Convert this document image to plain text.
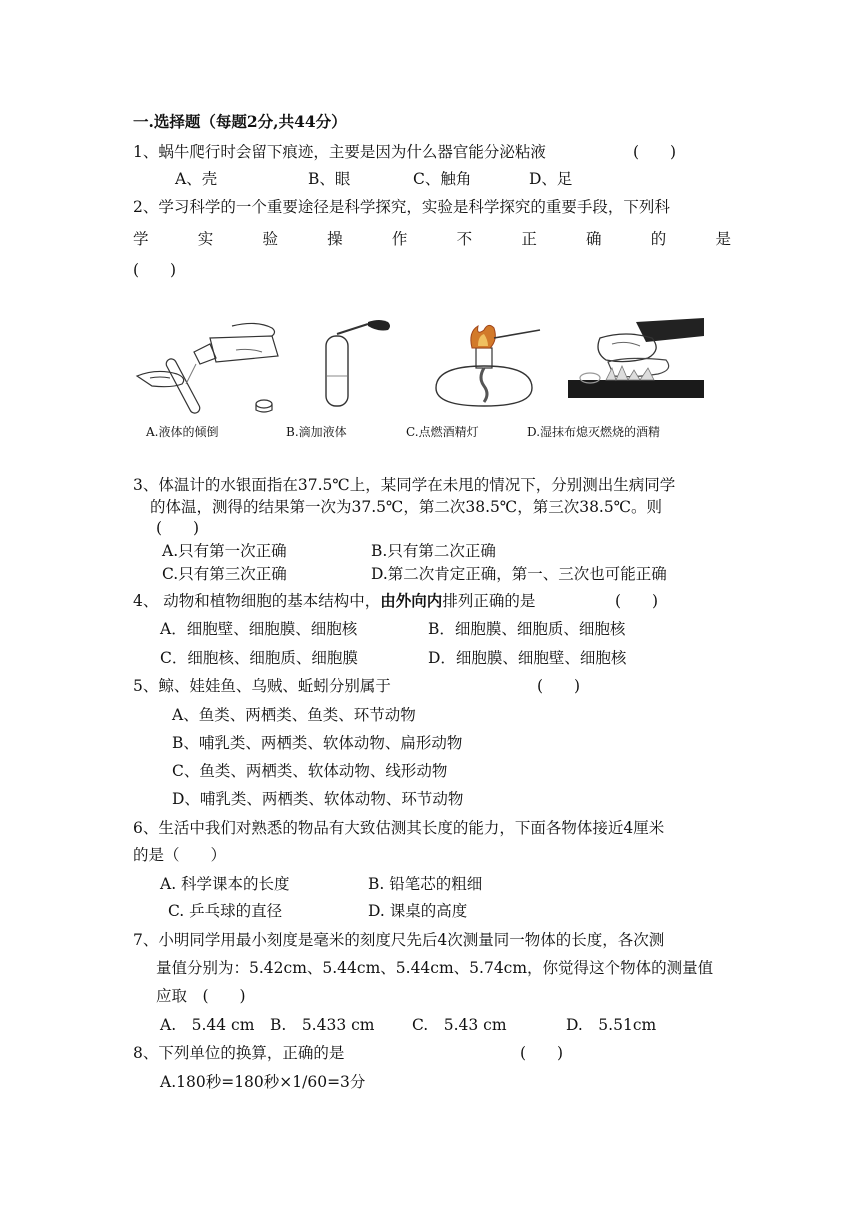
一.选择题（每题2分,共44分）
1、蜗牛爬行时会留下痕迹，主要是因为什么器官能分泌粘液	(　　)
A、壳	B、眼	C、触角	D、足
2、学习科学的一个重要途径是科学探究，实验是科学探究的重要手段，下列科
学	实	验	操	作	不	正	确	的	是
(　　)
A.液体的倾倒	B.滴加液体	C.点燃酒精灯	D.湿抹布熄灭燃烧的酒精
3、体温计的水银面指在37.5℃上，某同学在未甩的情况下，分别测出生病同学
的体温，测得的结果第一次为37.5℃，第二次38.5℃，第三次38.5℃。则
(　　)
A.只有第一次正确	B.只有第二次正确
C.只有第三次正确	D.第二次肯定正确，第一、三次也可能正确
4、 动物和植物细胞的基本结构中，由外向内排列正确的是	(　　)
A．细胞壁、细胞膜、细胞核	B．细胞膜、细胞质、细胞核
C．细胞核、细胞质、细胞膜	D．细胞膜、细胞壁、细胞核
5、鲸、娃娃鱼、乌贼、蚯蚓分别属于	(　　)
A、鱼类、两栖类、鱼类、环节动物
B、哺乳类、两栖类、软体动物、扁形动物
C、鱼类、两栖类、软体动物、线形动物
D、哺乳类、两栖类、软体动物、环节动物
6、生活中我们对熟悉的物品有大致估测其长度的能力，下面各物体接近4厘米
的是（　　）
A. 科学课本的长度	B. 铅笔芯的粗细
C. 乒乓球的直径	D. 课桌的高度
7、小明同学用最小刻度是毫米的刻度尺先后4次测量同一物体的长度，各次测
量值分别为：5.42cm、5.44cm、5.44cm、5.74cm，你觉得这个物体的测量值
应取　(　　)
A.　5.44 cm B.　5.433 cm C.　5.43 cm	D.　5.51cm
8、下列单位的换算，正确的是	(　　)
A.180秒=180秒×1/60=3分
